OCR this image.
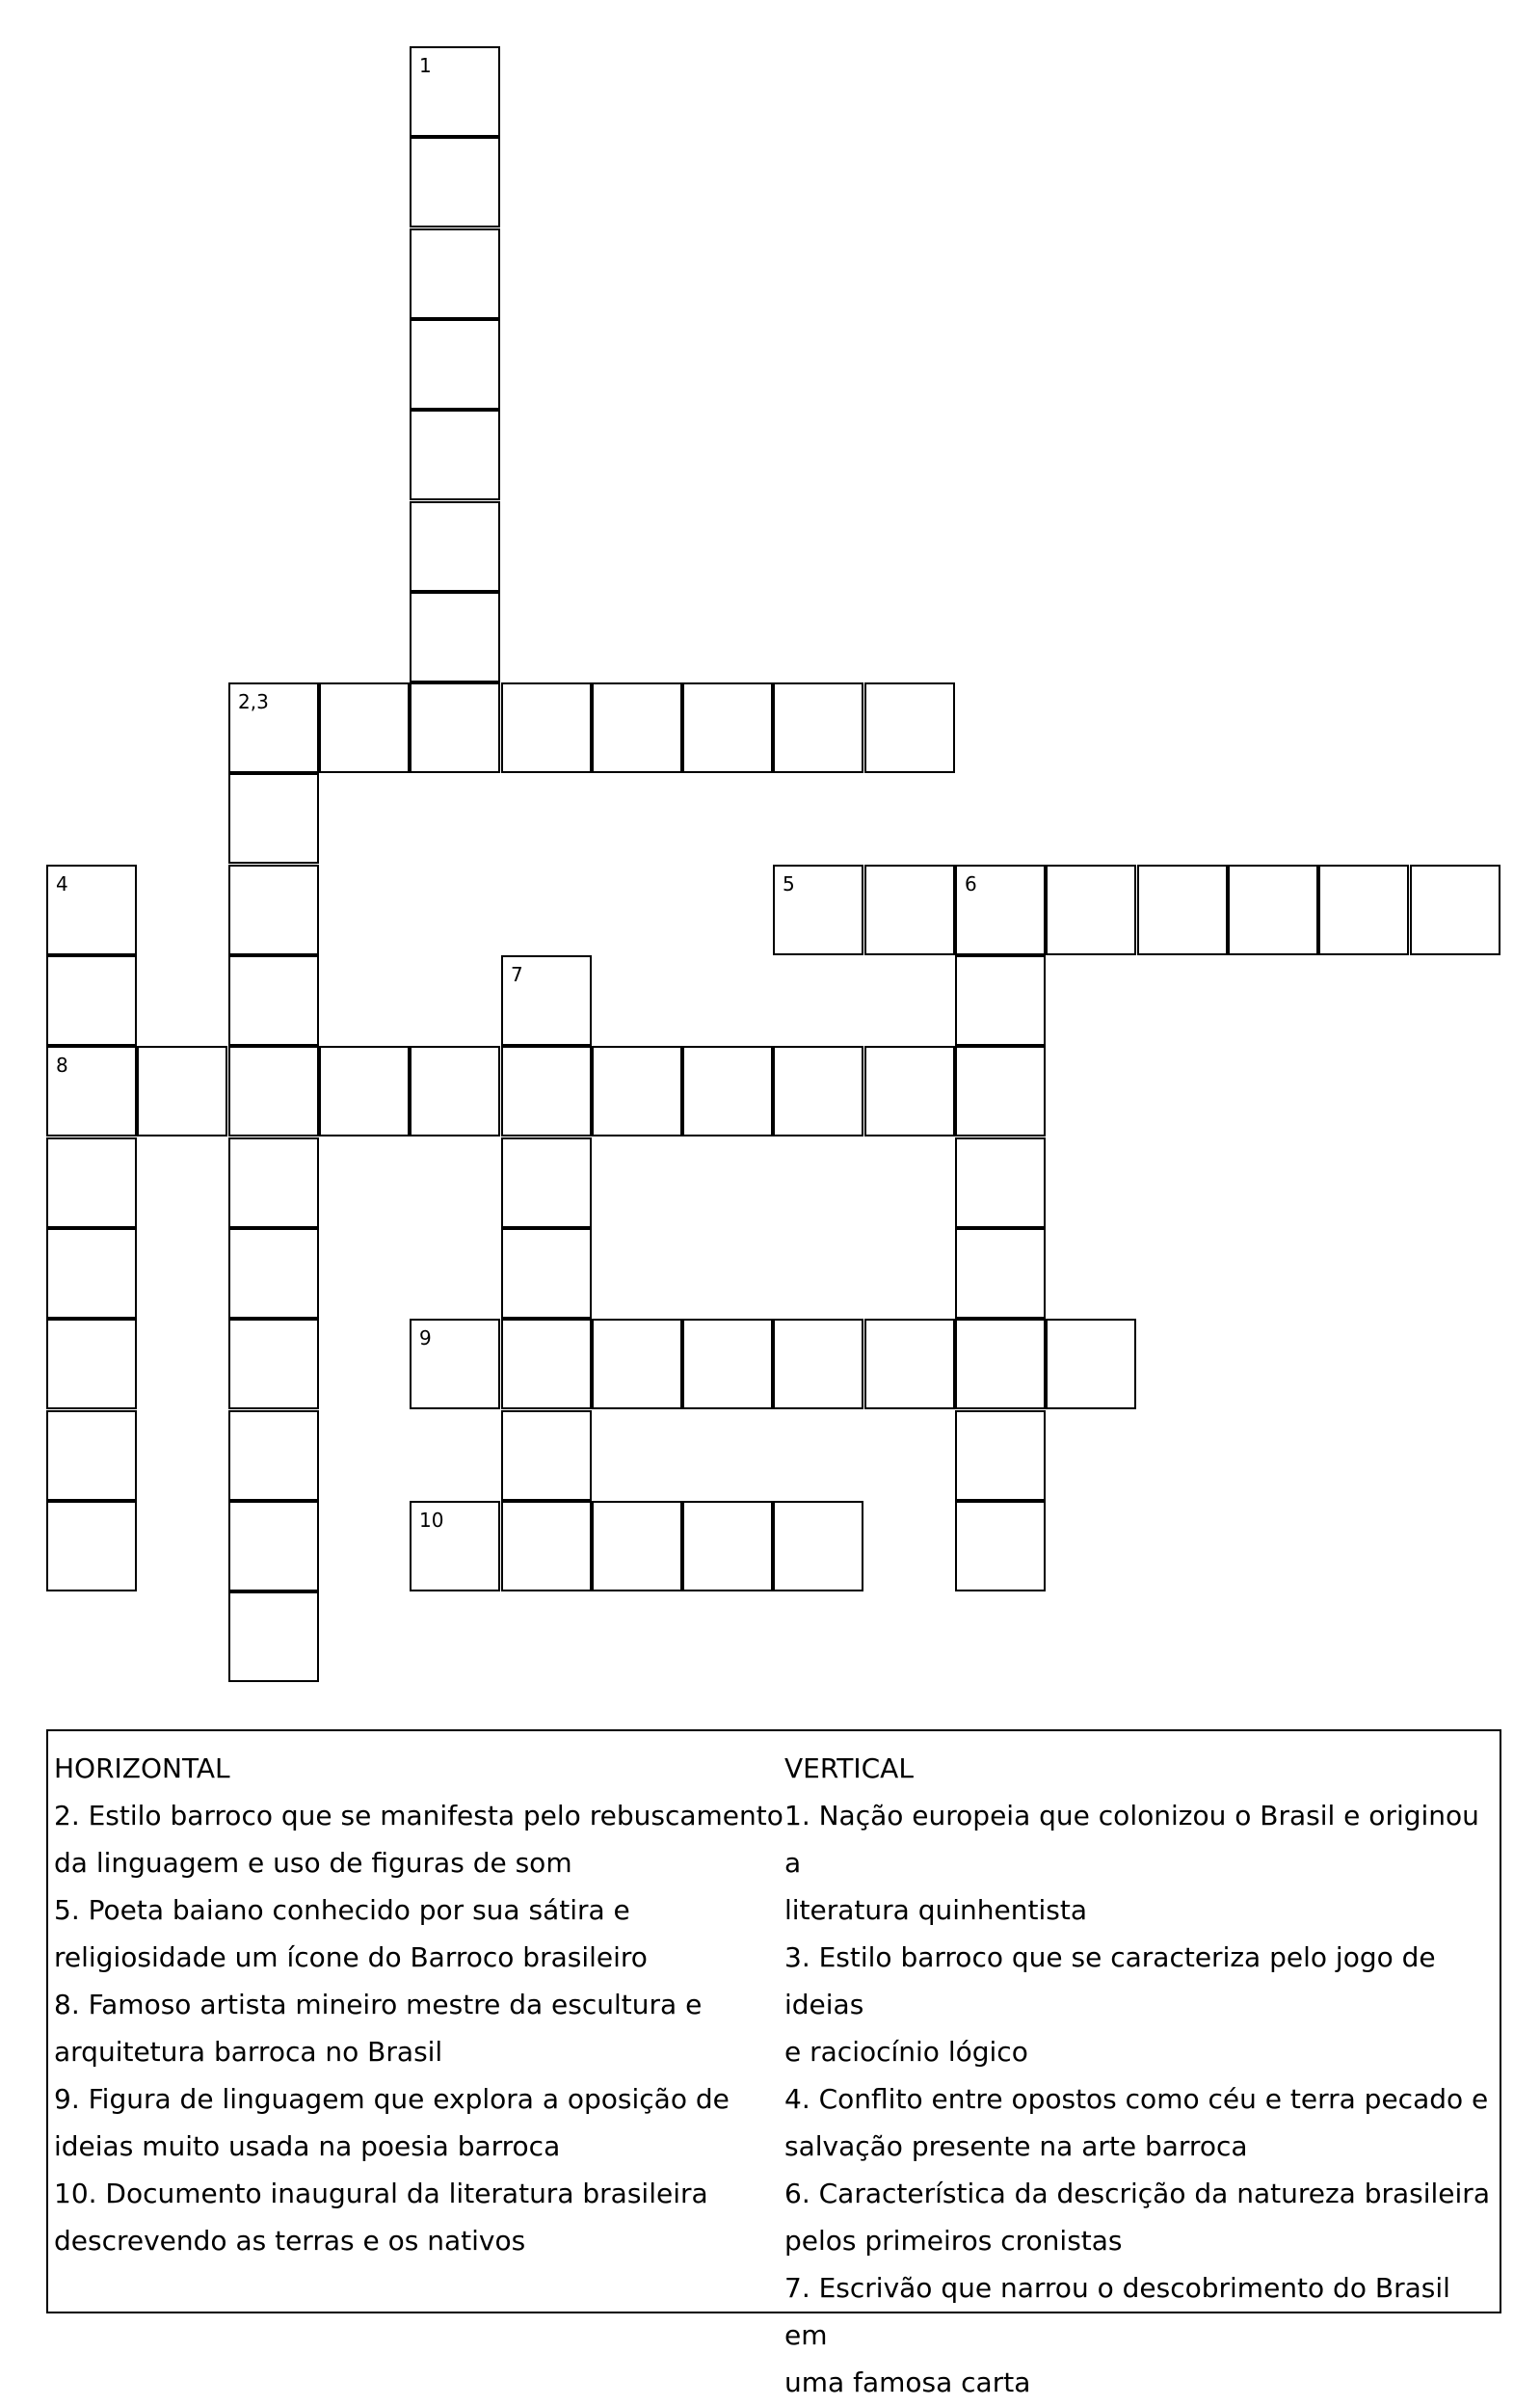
1
2,3
4	5	6
7
8
9
10
HORIZONTAL
2. Estilo barroco que se manifesta pelo rebuscamento
da linguagem e uso de figuras de som
5. Poeta baiano conhecido por sua sátira e
religiosidade um ícone do Barroco brasileiro
8. Famoso artista mineiro mestre da escultura e
arquitetura barroca no Brasil
9. Figura de linguagem que explora a oposição de
ideias muito usada na poesia barroca
10. Documento inaugural da literatura brasileira
descrevendo as terras e os nativos
VERTICAL
1. Nação europeia que colonizou o Brasil e originou a
literatura quinhentista
3. Estilo barroco que se caracteriza pelo jogo de ideias
e raciocínio lógico
4. Conflito entre opostos como céu e terra pecado e
salvação presente na arte barroca
6. Característica da descrição da natureza brasileira
pelos primeiros cronistas
7. Escrivão que narrou o descobrimento do Brasil em
uma famosa carta
